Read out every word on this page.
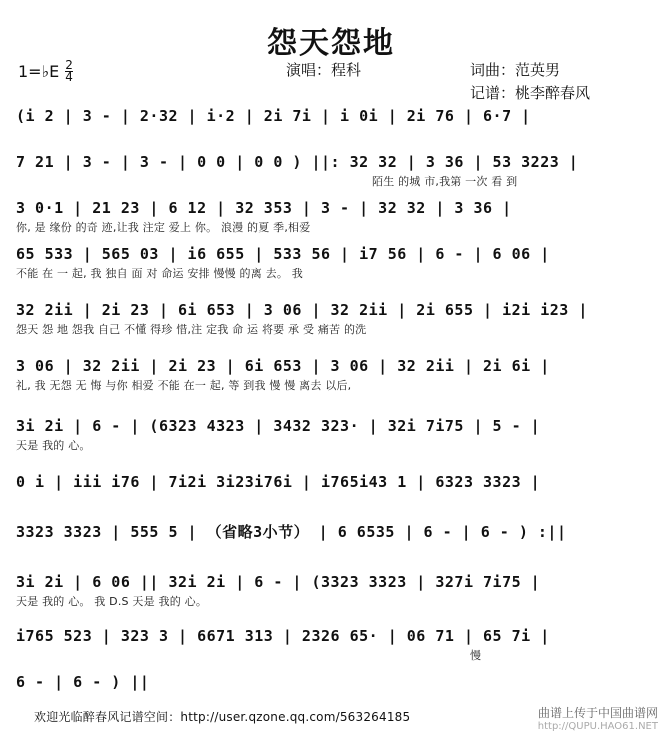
怨天怨地
1=♭E 2
4	演唱：程科	词曲：范英男
记谱：桃李醉春风
(i 2 | 3 - | 2·32 | i·2 | 2i 7i | i 0i | 2i 76 | 6·7 |
7 21 | 3 - | 3 - | 0 0 | 0 0 ) ||: 32 32 | 3 36 | 53 3223 |
陌生 的城 市,我第 一次 看 到
3 0·1 | 21 23 | 6 12 | 32 353 | 3 - | 32 32 | 3 36 |
你, 是 缘份 的奇 迹,让我 注定 爱上 你。 浪漫 的夏 季,相爱
65 533 | 565 03 | i6 655 | 533 56 | i7 56 | 6 - | 6 06 |
不能 在 一 起, 我 独自 面 对 命运 安排 慢慢 的离 去。 我
32 2ii | 2i 23 | 6i 653 | 3 06 | 32 2ii | 2i 655 | i2i i23 |
怨天 怨 地 怨我 自己 不懂 得珍 惜,注 定我 命 运 将要 承 受 痛苦 的洗
3 06 | 32 2ii | 2i 23 | 6i 653 | 3 06 | 32 2ii | 2i 6i |
礼, 我 无怨 无 悔 与你 相爱 不能 在一 起, 等 到我 慢 慢 离去 以后,
3i 2i | 6 - | (6323 4323 | 3432 323· | 32i 7i75 | 5 - |
天是 我的 心。
0 i | iii i76 | 7i2i 3i23i76i | i765i43 1 | 6323 3323 |
3323 3323 | 555 5 | （省略3小节） | 6 6535 | 6 - | 6 - ) :||
3i 2i | 6 06 || 32i 2i | 6 - | (3323 3323 | 327i 7i75 |
天是 我的 心。 我 D.S 天是 我的 心。
i765 523 | 323 3 | 6671 313 | 2326 65· | 06 71 | 65 7i |
慢
6 - | 6 - ) ||
欢迎光临醉春风记谱空间：http://user.qzone.qq.com/563264185	曲谱上传于中国曲谱网
http://QUPU.HAO61.NET
